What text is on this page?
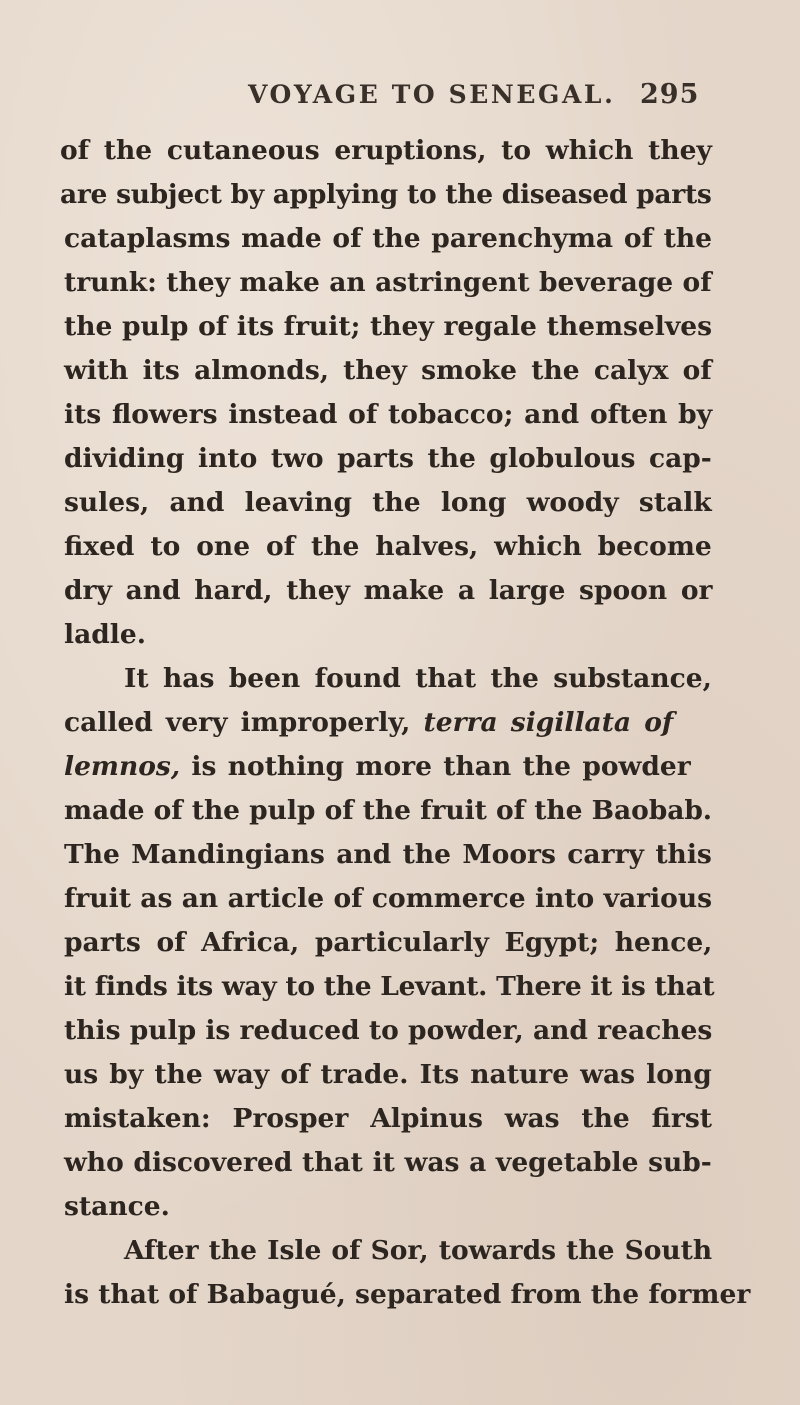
VOYAGE TO SENEGAL. 295
of the cutaneous eruptions, to which they
are subject by applying to the diseased parts
cataplasms made of the parenchyma of the
trunk: they make an astringent beverage of
the pulp of its fruit; they regale themselves
with its almonds, they smoke the calyx of
its flowers instead of tobacco; and often by
dividing into two parts the globulous cap-
sules, and leaving the long woody stalk
fixed to one of the halves, which become
dry and hard, they make a large spoon or
ladle.
It has been found that the substance,
called very improperly, terra sigillata of
lemnos, is nothing more than the powder
made of the pulp of the fruit of the Baobab.
The Mandingians and the Moors carry this
fruit as an article of commerce into various
parts of Africa, particularly Egypt; hence,
it finds its way to the Levant. There it is that
this pulp is reduced to powder, and reaches
us by the way of trade. Its nature was long
mistaken: Prosper Alpinus was the first
who discovered that it was a vegetable sub-
stance.
After the Isle of Sor, towards the South
is that of Babagué, separated from the former
